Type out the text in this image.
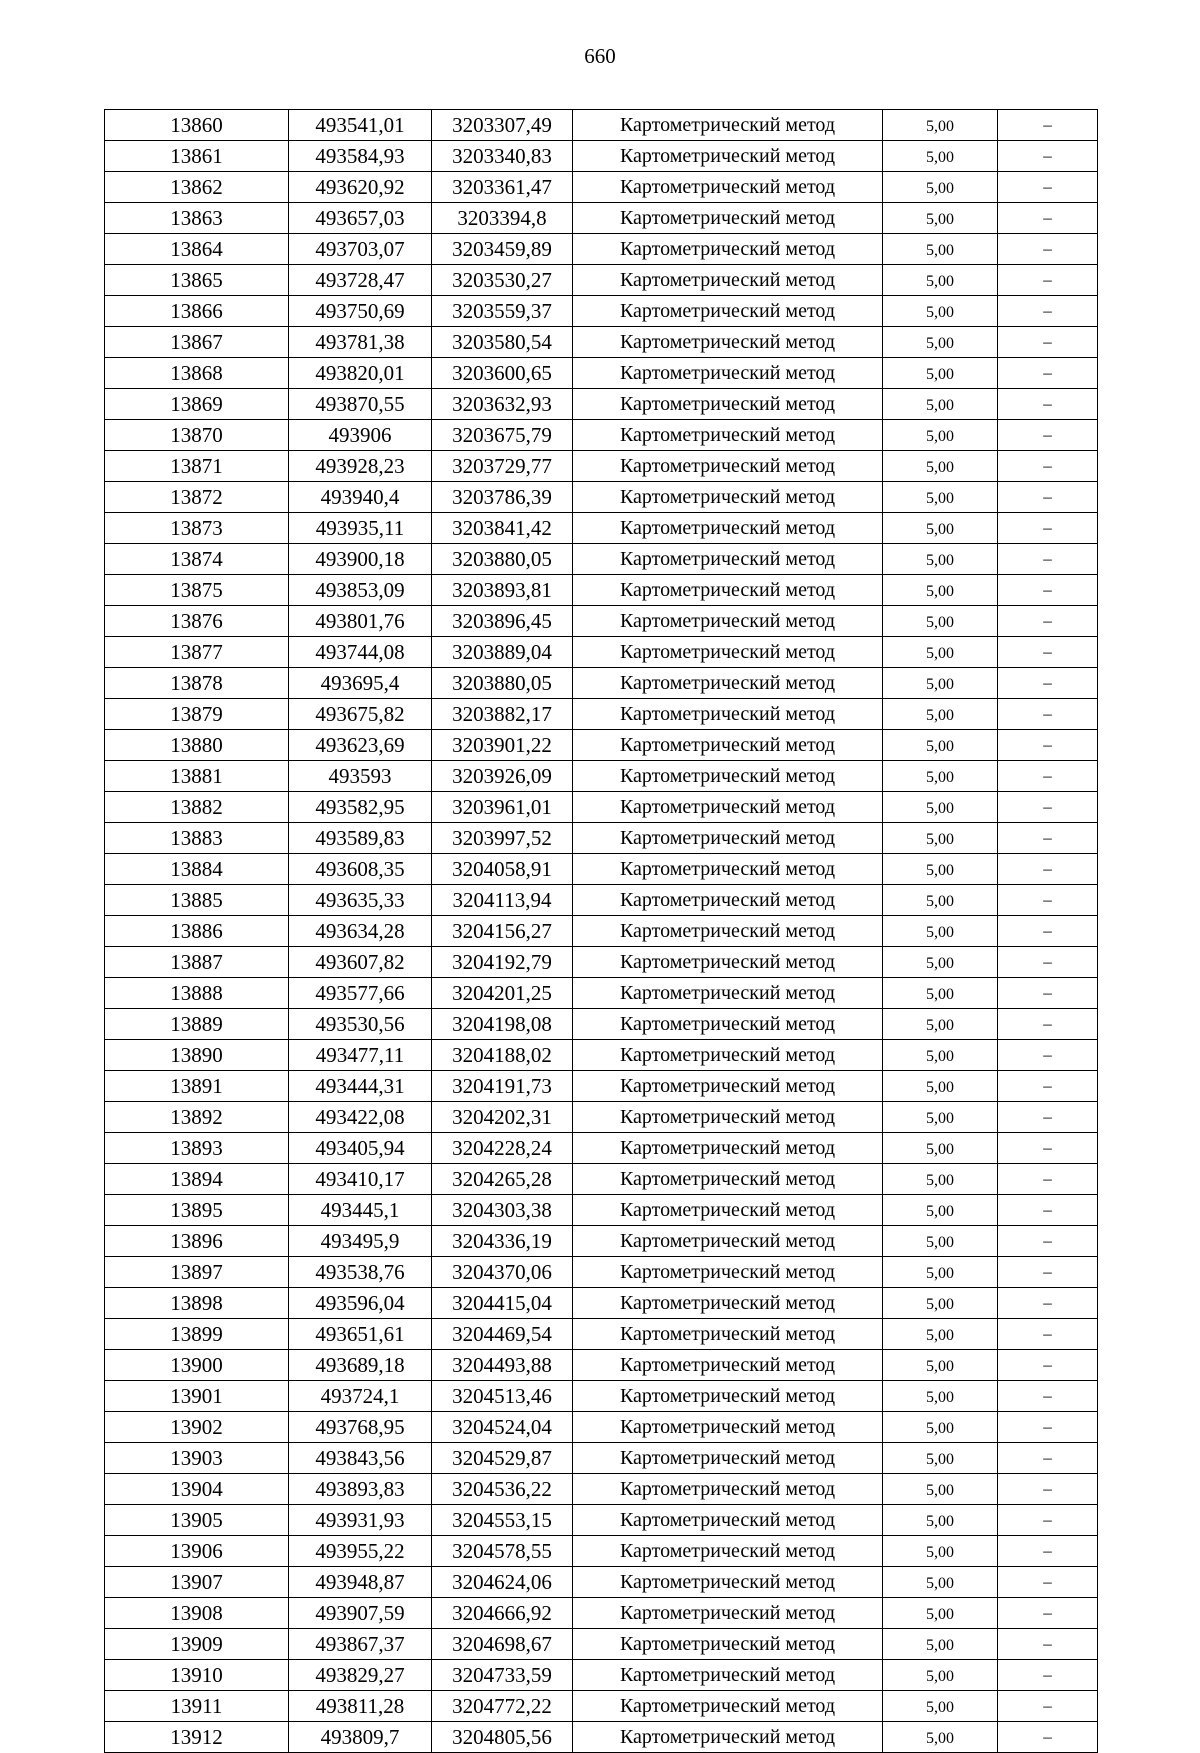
660
13860	493541,01	3203307,49	Картометрический метод	5,00	–
13861	493584,93	3203340,83	Картометрический метод	5,00	–
13862	493620,92	3203361,47	Картометрический метод	5,00	–
13863	493657,03	3203394,8	Картометрический метод	5,00	–
13864	493703,07	3203459,89	Картометрический метод	5,00	–
13865	493728,47	3203530,27	Картометрический метод	5,00	–
13866	493750,69	3203559,37	Картометрический метод	5,00	–
13867	493781,38	3203580,54	Картометрический метод	5,00	–
13868	493820,01	3203600,65	Картометрический метод	5,00	–
13869	493870,55	3203632,93	Картометрический метод	5,00	–
13870	493906	3203675,79	Картометрический метод	5,00	–
13871	493928,23	3203729,77	Картометрический метод	5,00	–
13872	493940,4	3203786,39	Картометрический метод	5,00	–
13873	493935,11	3203841,42	Картометрический метод	5,00	–
13874	493900,18	3203880,05	Картометрический метод	5,00	–
13875	493853,09	3203893,81	Картометрический метод	5,00	–
13876	493801,76	3203896,45	Картометрический метод	5,00	–
13877	493744,08	3203889,04	Картометрический метод	5,00	–
13878	493695,4	3203880,05	Картометрический метод	5,00	–
13879	493675,82	3203882,17	Картометрический метод	5,00	–
13880	493623,69	3203901,22	Картометрический метод	5,00	–
13881	493593	3203926,09	Картометрический метод	5,00	–
13882	493582,95	3203961,01	Картометрический метод	5,00	–
13883	493589,83	3203997,52	Картометрический метод	5,00	–
13884	493608,35	3204058,91	Картометрический метод	5,00	–
13885	493635,33	3204113,94	Картометрический метод	5,00	–
13886	493634,28	3204156,27	Картометрический метод	5,00	–
13887	493607,82	3204192,79	Картометрический метод	5,00	–
13888	493577,66	3204201,25	Картометрический метод	5,00	–
13889	493530,56	3204198,08	Картометрический метод	5,00	–
13890	493477,11	3204188,02	Картометрический метод	5,00	–
13891	493444,31	3204191,73	Картометрический метод	5,00	–
13892	493422,08	3204202,31	Картометрический метод	5,00	–
13893	493405,94	3204228,24	Картометрический метод	5,00	–
13894	493410,17	3204265,28	Картометрический метод	5,00	–
13895	493445,1	3204303,38	Картометрический метод	5,00	–
13896	493495,9	3204336,19	Картометрический метод	5,00	–
13897	493538,76	3204370,06	Картометрический метод	5,00	–
13898	493596,04	3204415,04	Картометрический метод	5,00	–
13899	493651,61	3204469,54	Картометрический метод	5,00	–
13900	493689,18	3204493,88	Картометрический метод	5,00	–
13901	493724,1	3204513,46	Картометрический метод	5,00	–
13902	493768,95	3204524,04	Картометрический метод	5,00	–
13903	493843,56	3204529,87	Картометрический метод	5,00	–
13904	493893,83	3204536,22	Картометрический метод	5,00	–
13905	493931,93	3204553,15	Картометрический метод	5,00	–
13906	493955,22	3204578,55	Картометрический метод	5,00	–
13907	493948,87	3204624,06	Картометрический метод	5,00	–
13908	493907,59	3204666,92	Картометрический метод	5,00	–
13909	493867,37	3204698,67	Картометрический метод	5,00	–
13910	493829,27	3204733,59	Картометрический метод	5,00	–
13911	493811,28	3204772,22	Картометрический метод	5,00	–
13912	493809,7	3204805,56	Картометрический метод	5,00	–
